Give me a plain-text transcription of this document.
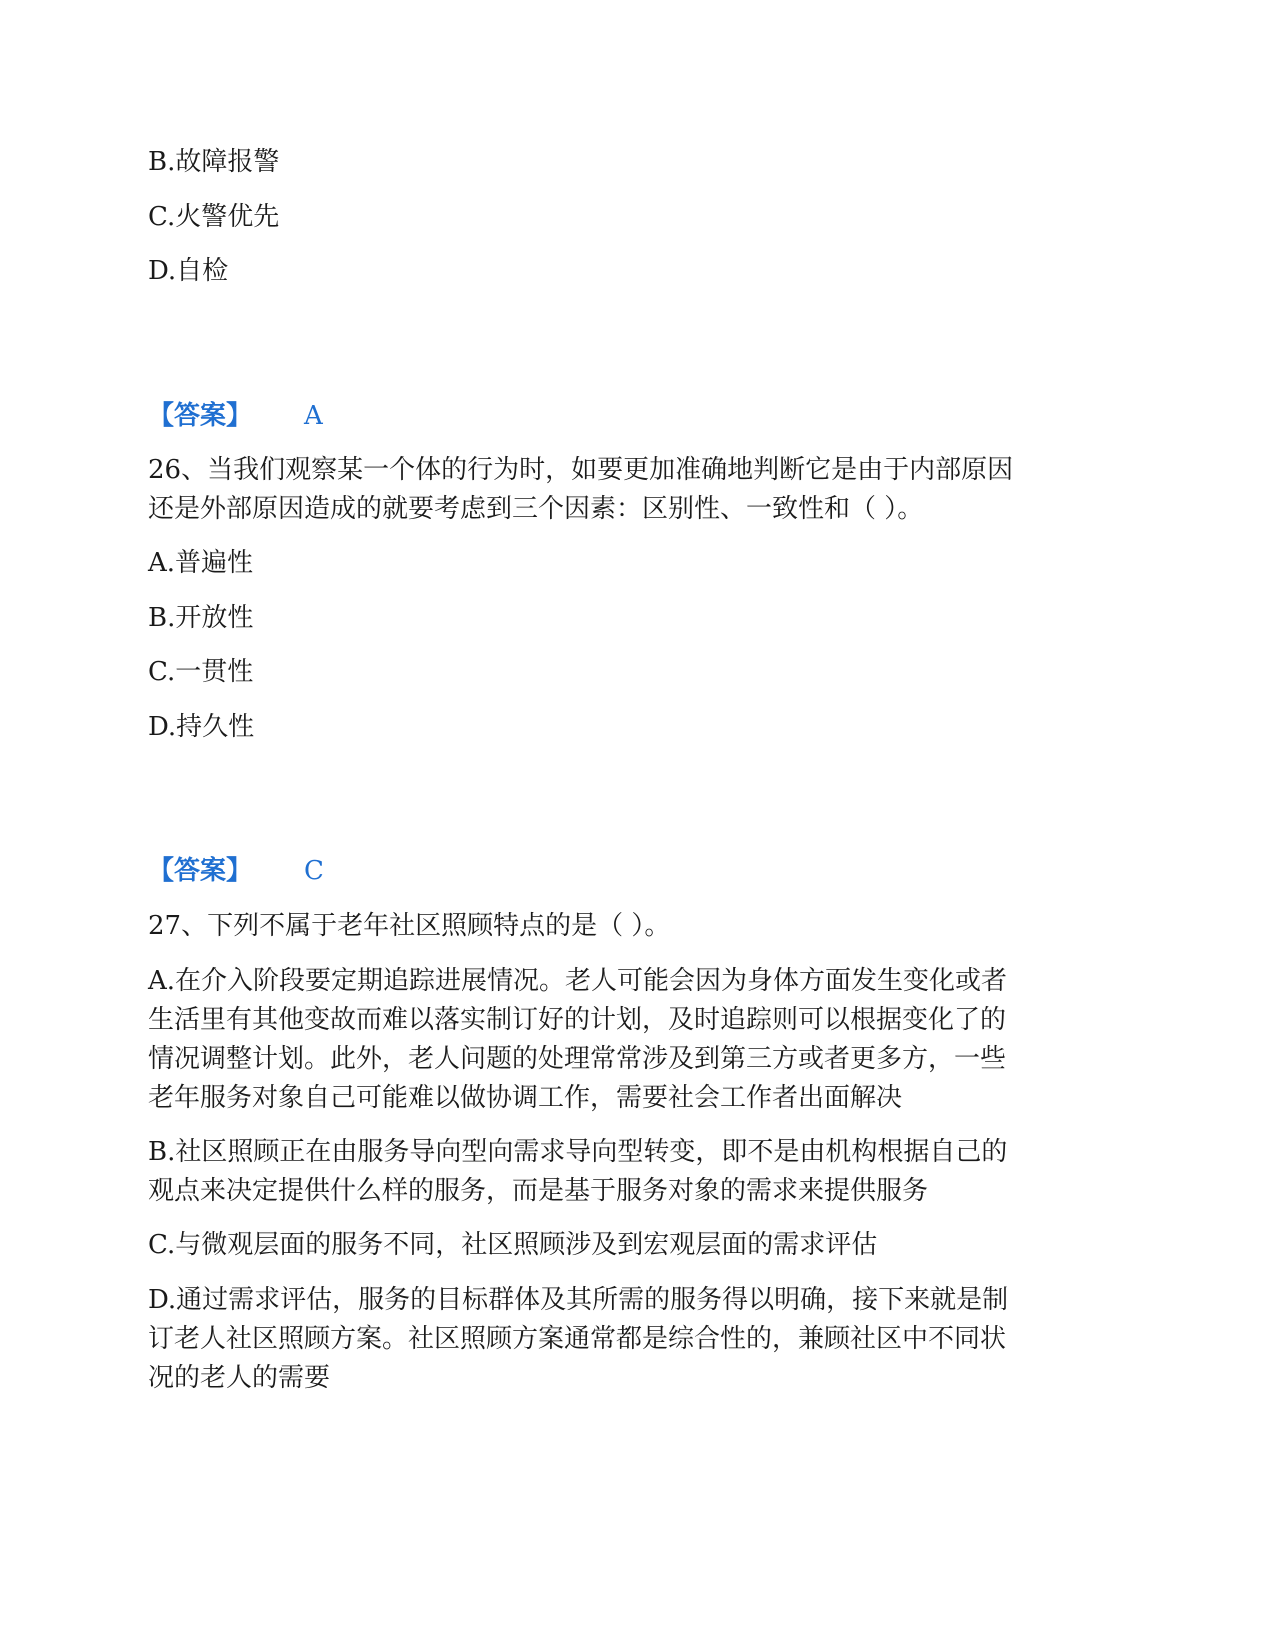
B.故障报警
C.火警优先
D.自检
【答案】 A
26、当我们观察某一个体的行为时，如要更加准确地判断它是由于内部原因
还是外部原因造成的就要考虑到三个因素：区别性、一致性和（ ）。
A.普遍性
B.开放性
C.一贯性
D.持久性
【答案】 C
27、下列不属于老年社区照顾特点的是（ ）。
A.在介入阶段要定期追踪进展情况。老人可能会因为身体方面发生变化或者
生活里有其他变故而难以落实制订好的计划，及时追踪则可以根据变化了的
情况调整计划。此外，老人问题的处理常常涉及到第三方或者更多方，一些
老年服务对象自己可能难以做协调工作，需要社会工作者出面解决
B.社区照顾正在由服务导向型向需求导向型转变，即不是由机构根据自己的
观点来决定提供什么样的服务，而是基于服务对象的需求来提供服务
C.与微观层面的服务不同，社区照顾涉及到宏观层面的需求评估
D.通过需求评估，服务的目标群体及其所需的服务得以明确，接下来就是制
订老人社区照顾方案。社区照顾方案通常都是综合性的，兼顾社区中不同状
况的老人的需要
